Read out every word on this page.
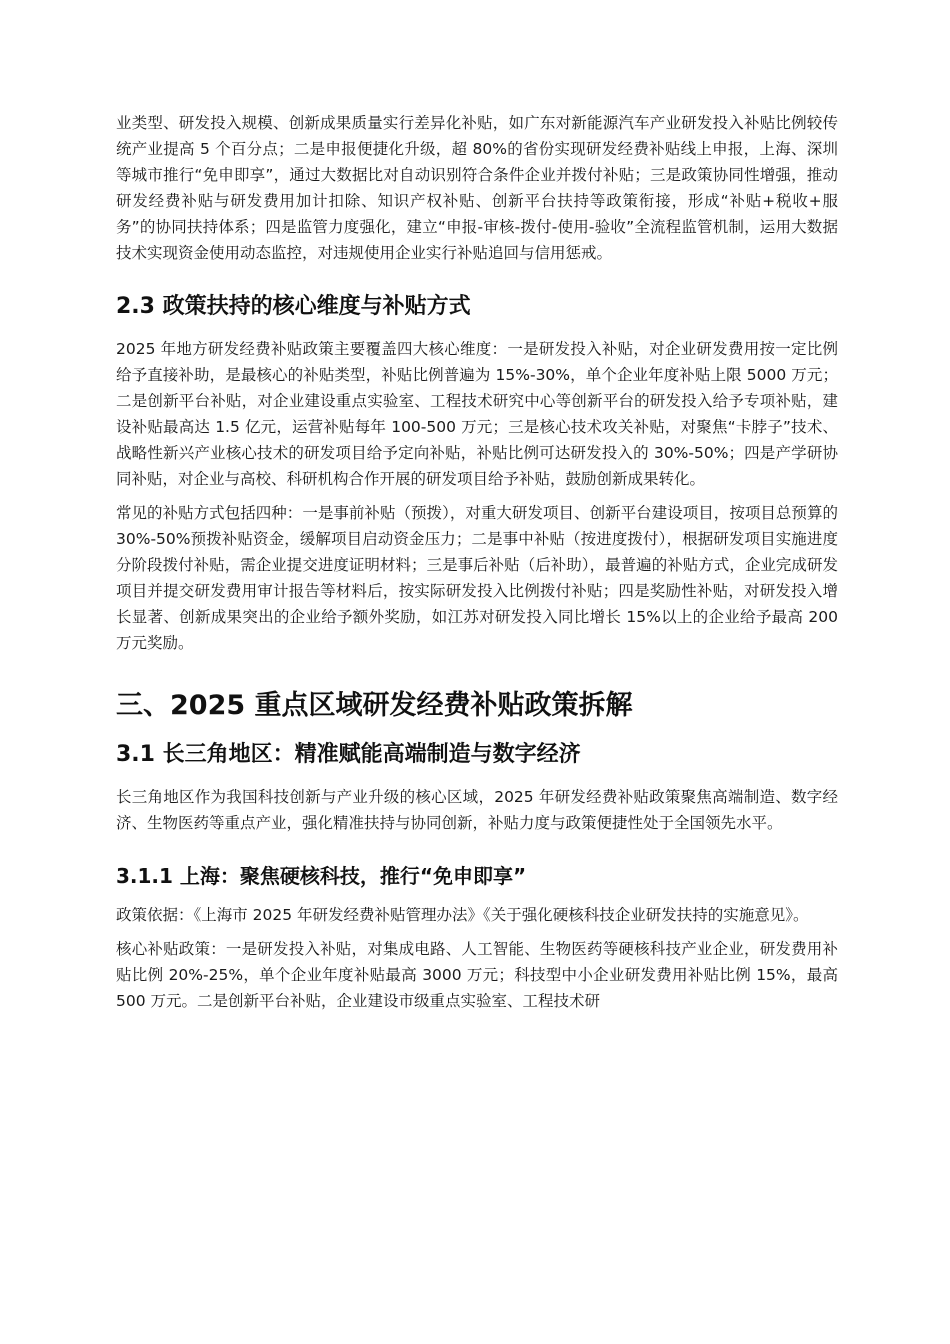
业类型、研发投入规模、创新成果质量实行差异化补贴，如广东对新能源汽车产业研发投入补贴比例较传统产业提高 5 个百分点；二是申报便捷化升级，超 80%的省份实现研发经费补贴线上申报，上海、深圳等城市推行“免申即享”，通过大数据比对自动识别符合条件企业并拨付补贴；三是政策协同性增强，推动研发经费补贴与研发费用加计扣除、知识产权补贴、创新平台扶持等政策衔接，形成“补贴+税收+服务”的协同扶持体系；四是监管力度强化，建立“申报-审核-拨付-使用-验收”全流程监管机制，运用大数据技术实现资金使用动态监控，对违规使用企业实行补贴追回与信用惩戒。

2.3 政策扶持的核心维度与补贴方式

2025 年地方研发经费补贴政策主要覆盖四大核心维度：一是研发投入补贴，对企业研发费用按一定比例给予直接补助，是最核心的补贴类型，补贴比例普遍为 15%-30%，单个企业年度补贴上限 5000 万元；二是创新平台补贴，对企业建设重点实验室、工程技术研究中心等创新平台的研发投入给予专项补贴，建设补贴最高达 1.5 亿元，运营补贴每年 100-500 万元；三是核心技术攻关补贴，对聚焦“卡脖子”技术、战略性新兴产业核心技术的研发项目给予定向补贴，补贴比例可达研发投入的 30%-50%；四是产学研协同补贴，对企业与高校、科研机构合作开展的研发项目给予补贴，鼓励创新成果转化。

常见的补贴方式包括四种：一是事前补贴（预拨），对重大研发项目、创新平台建设项目，按项目总预算的 30%-50%预拨补贴资金，缓解项目启动资金压力；二是事中补贴（按进度拨付），根据研发项目实施进度分阶段拨付补贴，需企业提交进度证明材料；三是事后补贴（后补助），最普遍的补贴方式，企业完成研发项目并提交研发费用审计报告等材料后，按实际研发投入比例拨付补贴；四是奖励性补贴，对研发投入增长显著、创新成果突出的企业给予额外奖励，如江苏对研发投入同比增长 15%以上的企业给予最高 200 万元奖励。

三、2025 重点区域研发经费补贴政策拆解
3.1 长三角地区：精准赋能高端制造与数字经济

长三角地区作为我国科技创新与产业升级的核心区域，2025 年研发经费补贴政策聚焦高端制造、数字经济、生物医药等重点产业，强化精准扶持与协同创新，补贴力度与政策便捷性处于全国领先水平。

3.1.1 上海：聚焦硬核科技，推行“免申即享”

政策依据：《上海市 2025 年研发经费补贴管理办法》《关于强化硬核科技企业研发扶持的实施意见》。

核心补贴政策：一是研发投入补贴，对集成电路、人工智能、生物医药等硬核科技产业企业，研发费用补贴比例 20%-25%，单个企业年度补贴最高 3000 万元；科技型中小企业研发费用补贴比例 15%，最高 500 万元。二是创新平台补贴，企业建设市级重点实验室、工程技术研
